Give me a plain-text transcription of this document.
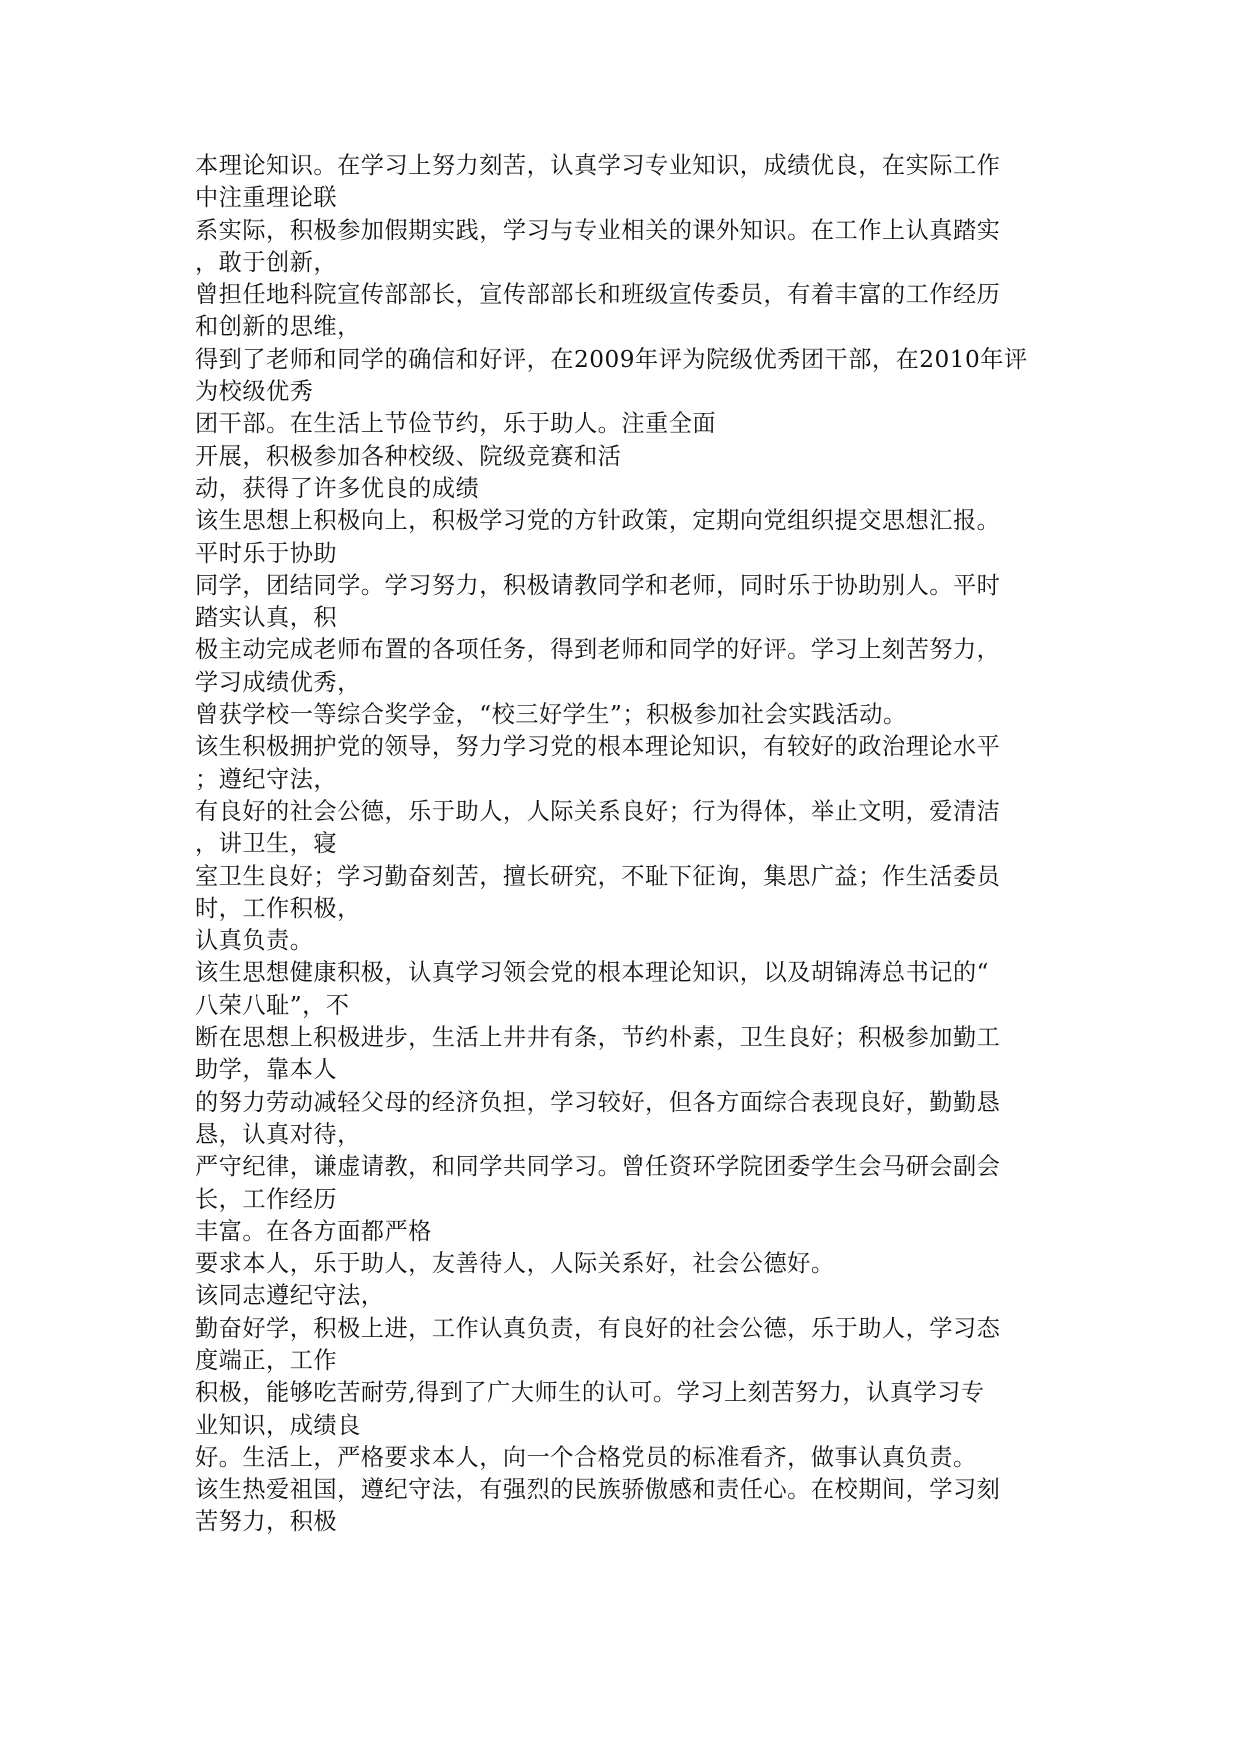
本理论知识。在学习上努力刻苦，认真学习专业知识，成绩优良，在实际工作
中注重理论联
系实际，积极参加假期实践，学习与专业相关的课外知识。在工作上认真踏实
，敢于创新，
曾担任地科院宣传部部长，宣传部部长和班级宣传委员，有着丰富的工作经历
和创新的思维，
得到了老师和同学的确信和好评，在2009年评为院级优秀团干部，在2010年评
为校级优秀
团干部。在生活上节俭节约，乐于助人。注重全面
开展，积极参加各种校级、院级竞赛和活
动，获得了许多优良的成绩
该生思想上积极向上，积极学习党的方针政策，定期向党组织提交思想汇报。
平时乐于协助
同学，团结同学。学习努力，积极请教同学和老师，同时乐于协助别人。平时
踏实认真，积
极主动完成老师布置的各项任务，得到老师和同学的好评。学习上刻苦努力，
学习成绩优秀，
曾获学校一等综合奖学金，“校三好学生”；积极参加社会实践活动。
该生积极拥护党的领导，努力学习党的根本理论知识，有较好的政治理论水平
；遵纪守法，
有良好的社会公德，乐于助人，人际关系良好；行为得体，举止文明，爱清洁
，讲卫生，寝
室卫生良好；学习勤奋刻苦，擅长研究，不耻下征询，集思广益；作生活委员
时，工作积极，
认真负责。
该生思想健康积极，认真学习领会党的根本理论知识，以及胡锦涛总书记的“
八荣八耻”，不
断在思想上积极进步，生活上井井有条，节约朴素，卫生良好；积极参加勤工
助学，靠本人
的努力劳动减轻父母的经济负担，学习较好，但各方面综合表现良好，勤勤恳
恳，认真对待，
严守纪律，谦虚请教，和同学共同学习。曾任资环学院团委学生会马研会副会
长，工作经历
丰富。在各方面都严格
要求本人，乐于助人，友善待人，人际关系好，社会公德好。
该同志遵纪守法，
勤奋好学，积极上进，工作认真负责，有良好的社会公德，乐于助人，学习态
度端正，工作
积极，能够吃苦耐劳,得到了广大师生的认可。学习上刻苦努力，认真学习专
业知识，成绩良
好。生活上，严格要求本人，向一个合格党员的标准看齐，做事认真负责。
该生热爱祖国，遵纪守法，有强烈的民族骄傲感和责任心。在校期间，学习刻
苦努力，积极
